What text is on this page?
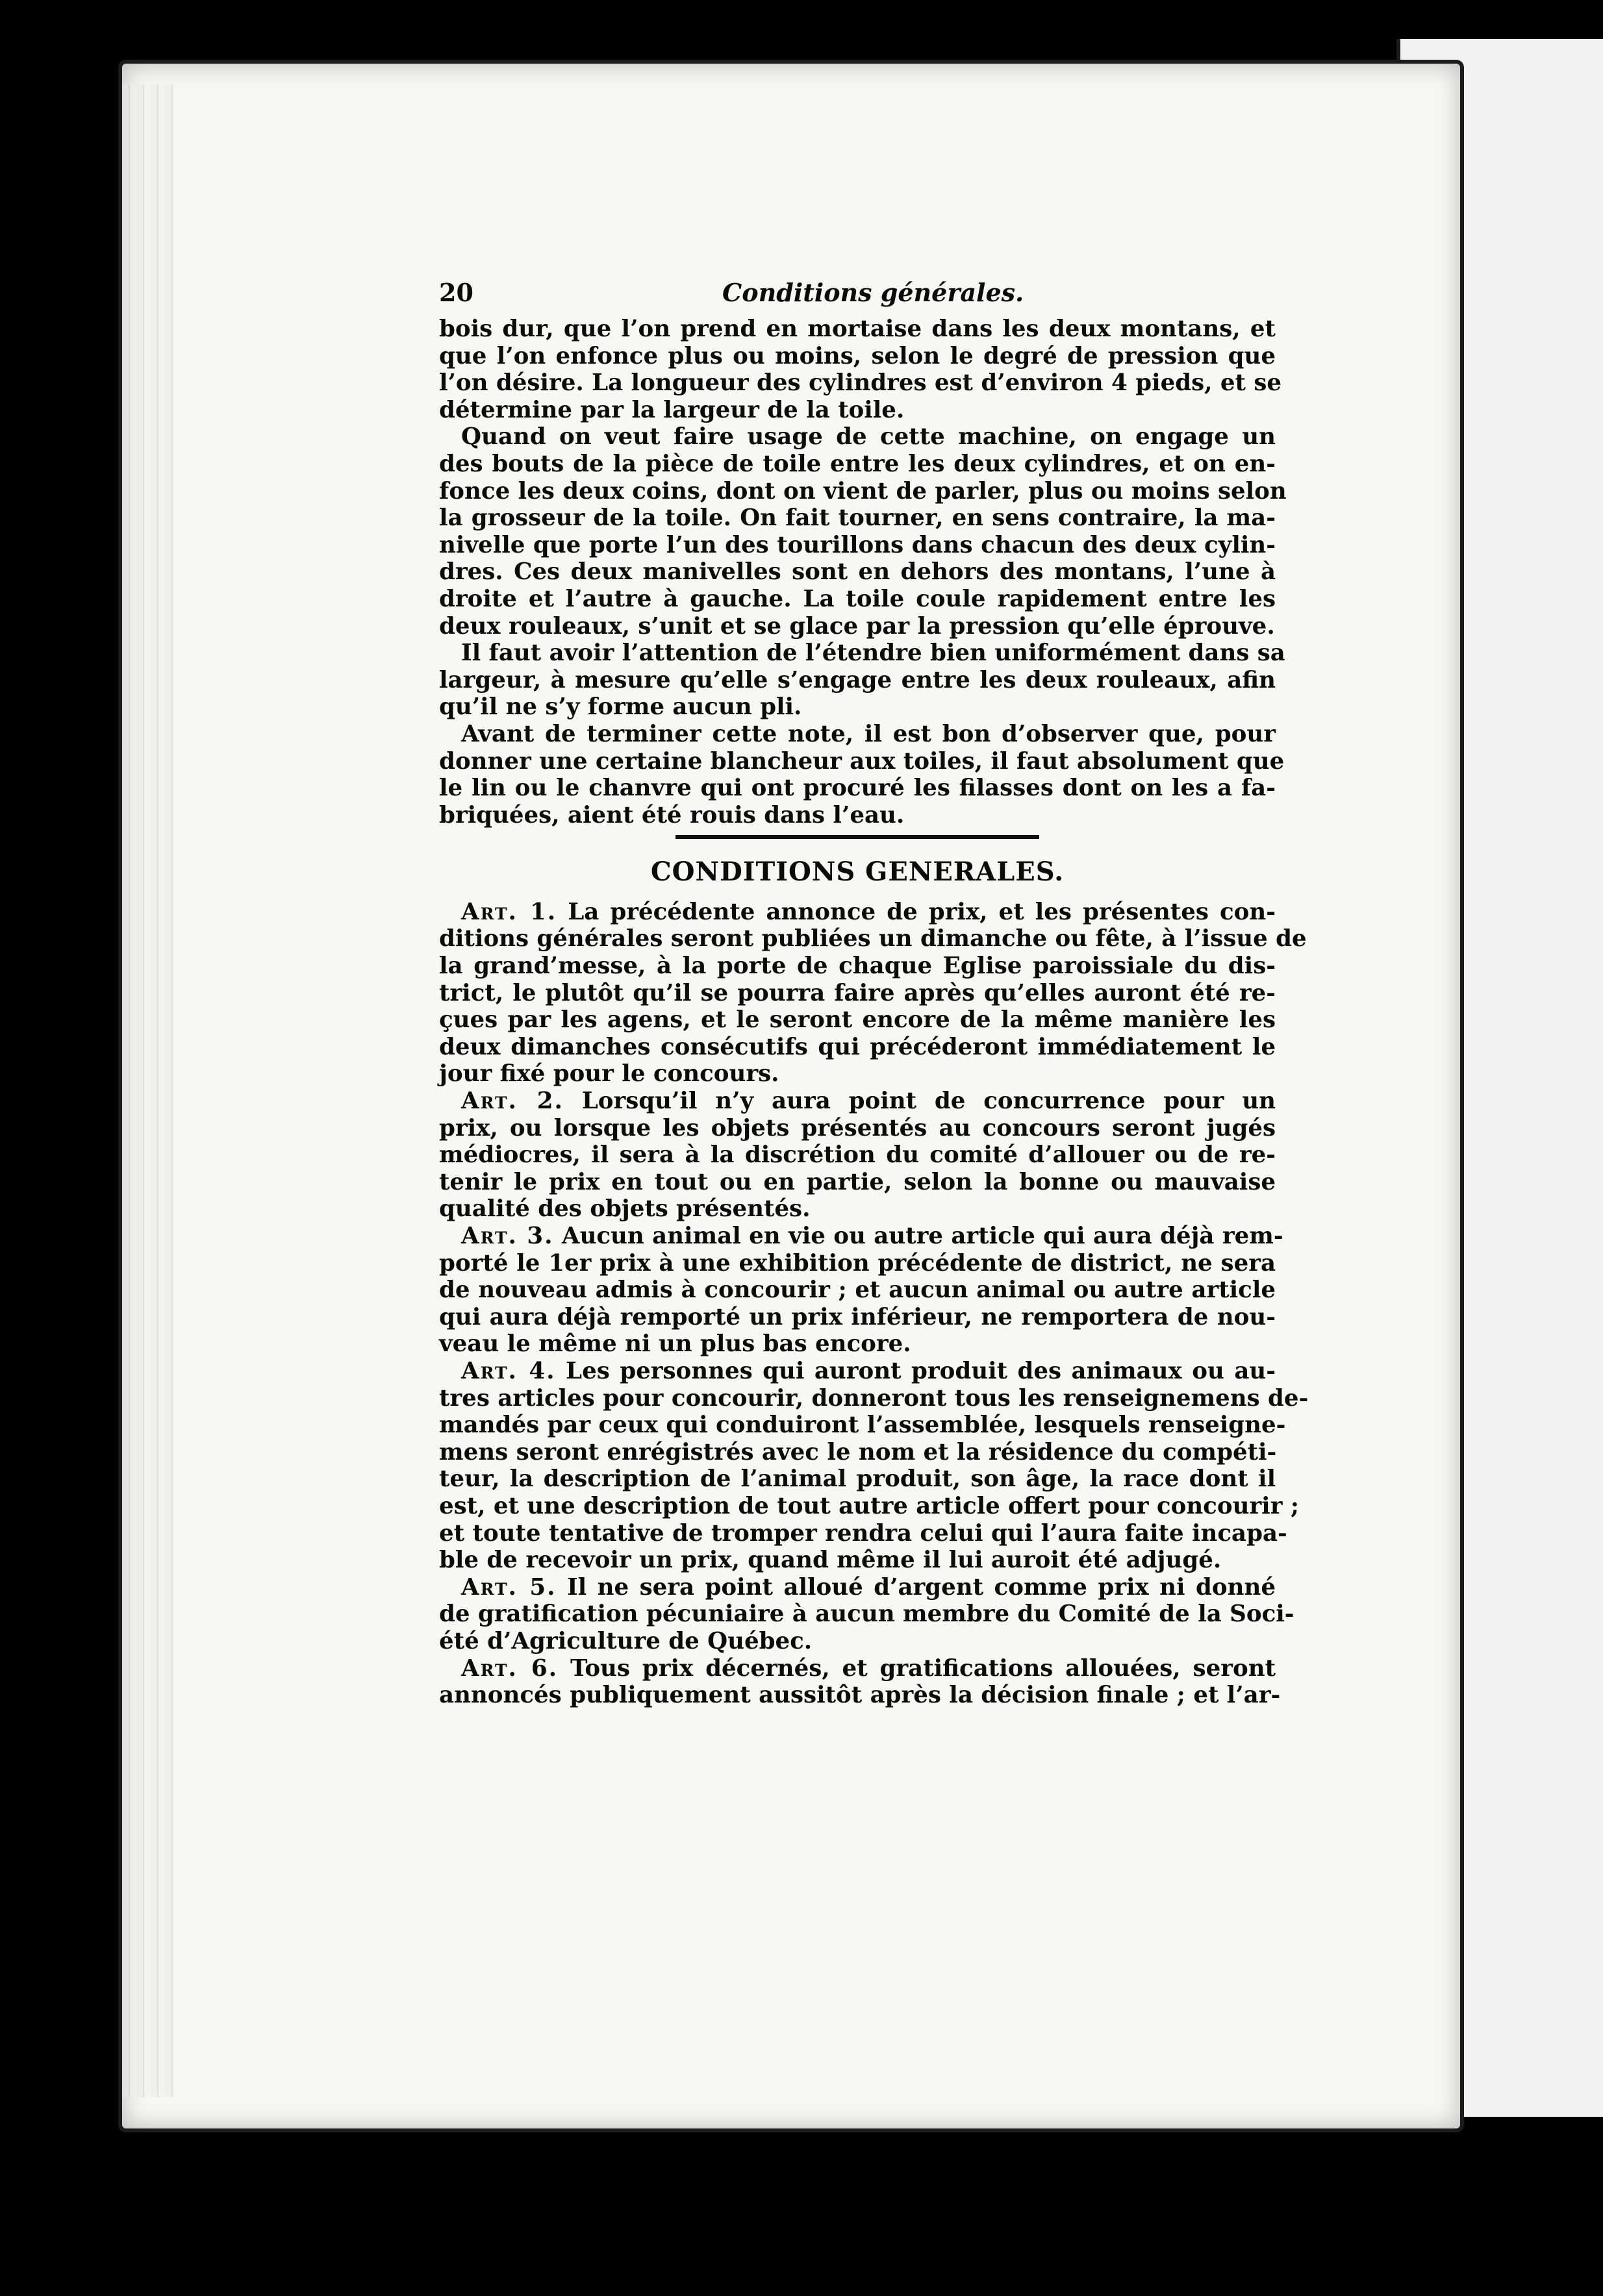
20	Conditions générales.
bois dur, que l’on prend en mortaise dans les deux montans, et
que l’on enfonce plus ou moins, selon le degré de pression que
l’on désire. La longueur des cylindres est d’environ 4 pieds, et se
détermine par la largeur de la toile.
Quand on veut faire usage de cette machine, on engage un
des bouts de la pièce de toile entre les deux cylindres, et on en-
fonce les deux coins, dont on vient de parler, plus ou moins selon
la grosseur de la toile. On fait tourner, en sens contraire, la ma-
nivelle que porte l’un des tourillons dans chacun des deux cylin-
dres. Ces deux manivelles sont en dehors des montans, l’une à
droite et l’autre à gauche. La toile coule rapidement entre les
deux rouleaux, s’unit et se glace par la pression qu’elle éprouve.
Il faut avoir l’attention de l’étendre bien uniformément dans sa
largeur, à mesure qu’elle s’engage entre les deux rouleaux, afin
qu’il ne s’y forme aucun pli.
Avant de terminer cette note, il est bon d’observer que, pour
donner une certaine blancheur aux toiles, il faut absolument que
le lin ou le chanvre qui ont procuré les filasses dont on les a fa-
briquées, aient été rouis dans l’eau.
CONDITIONS GENERALES.
Art. 1. La précédente annonce de prix, et les présentes con-
ditions générales seront publiées un dimanche ou fête, à l’issue de
la grand’messe, à la porte de chaque Eglise paroissiale du dis-
trict, le plutôt qu’il se pourra faire après qu’elles auront été re-
çues par les agens, et le seront encore de la même manière les
deux dimanches consécutifs qui précéderont immédiatement le
jour fixé pour le concours.
Art. 2. Lorsqu’il n’y aura point de concurrence pour un
prix, ou lorsque les objets présentés au concours seront jugés
médiocres, il sera à la discrétion du comité d’allouer ou de re-
tenir le prix en tout ou en partie, selon la bonne ou mauvaise
qualité des objets présentés.
Art. 3. Aucun animal en vie ou autre article qui aura déjà rem-
porté le 1er prix à une exhibition précédente de district, ne sera
de nouveau admis à concourir ; et aucun animal ou autre article
qui aura déjà remporté un prix inférieur, ne remportera de nou-
veau le même ni un plus bas encore.
Art. 4. Les personnes qui auront produit des animaux ou au-
tres articles pour concourir, donneront tous les renseignemens de-
mandés par ceux qui conduiront l’assemblée, lesquels renseigne-
mens seront enrégistrés avec le nom et la résidence du compéti-
teur, la description de l’animal produit, son âge, la race dont il
est, et une description de tout autre article offert pour concourir ;
et toute tentative de tromper rendra celui qui l’aura faite incapa-
ble de recevoir un prix, quand même il lui auroit été adjugé.
Art. 5. Il ne sera point alloué d’argent comme prix ni donné
de gratification pécuniaire à aucun membre du Comité de la Soci-
été d’Agriculture de Québec.
Art. 6. Tous prix décernés, et gratifications allouées, seront
annoncés publiquement aussitôt après la décision finale ; et l’ar-
